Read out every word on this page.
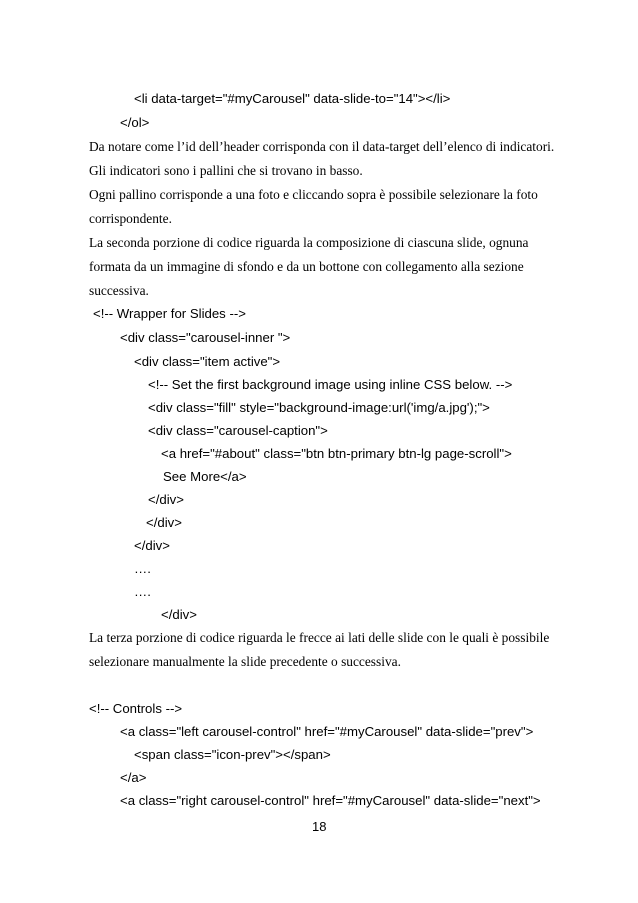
<li data-target="#myCarousel" data-slide-to="14"></li>
</ol>
Da notare come l’id dell’header corrisponda con il data-target dell’elenco di indicatori.
Gli indicatori sono i pallini che si trovano in basso.
Ogni pallino corrisponde a una foto e cliccando sopra è possibile selezionare la foto
corrispondente.
La seconda porzione di codice riguarda la composizione di ciascuna slide, ognuna
formata da un immagine di sfondo e da un bottone con collegamento alla sezione
successiva.
<!-- Wrapper for Slides -->
<div class="carousel-inner ">
<div class="item active">
<!-- Set the first background image using inline CSS below. -->
<div class="fill" style="background-image:url('img/a.jpg');">
<div class="carousel-caption">
<a href="#about" class="btn btn-primary btn-lg page-scroll">
See More</a>
</div>
</div>
</div>
….
….
</div>
La terza porzione di codice riguarda le frecce ai lati delle slide con le quali è possibile
selezionare manualmente la slide precedente o successiva.
<!-- Controls -->
<a class="left carousel-control" href="#myCarousel" data-slide="prev">
<span class="icon-prev"></span>
</a>
<a class="right carousel-control" href="#myCarousel" data-slide="next">
18
